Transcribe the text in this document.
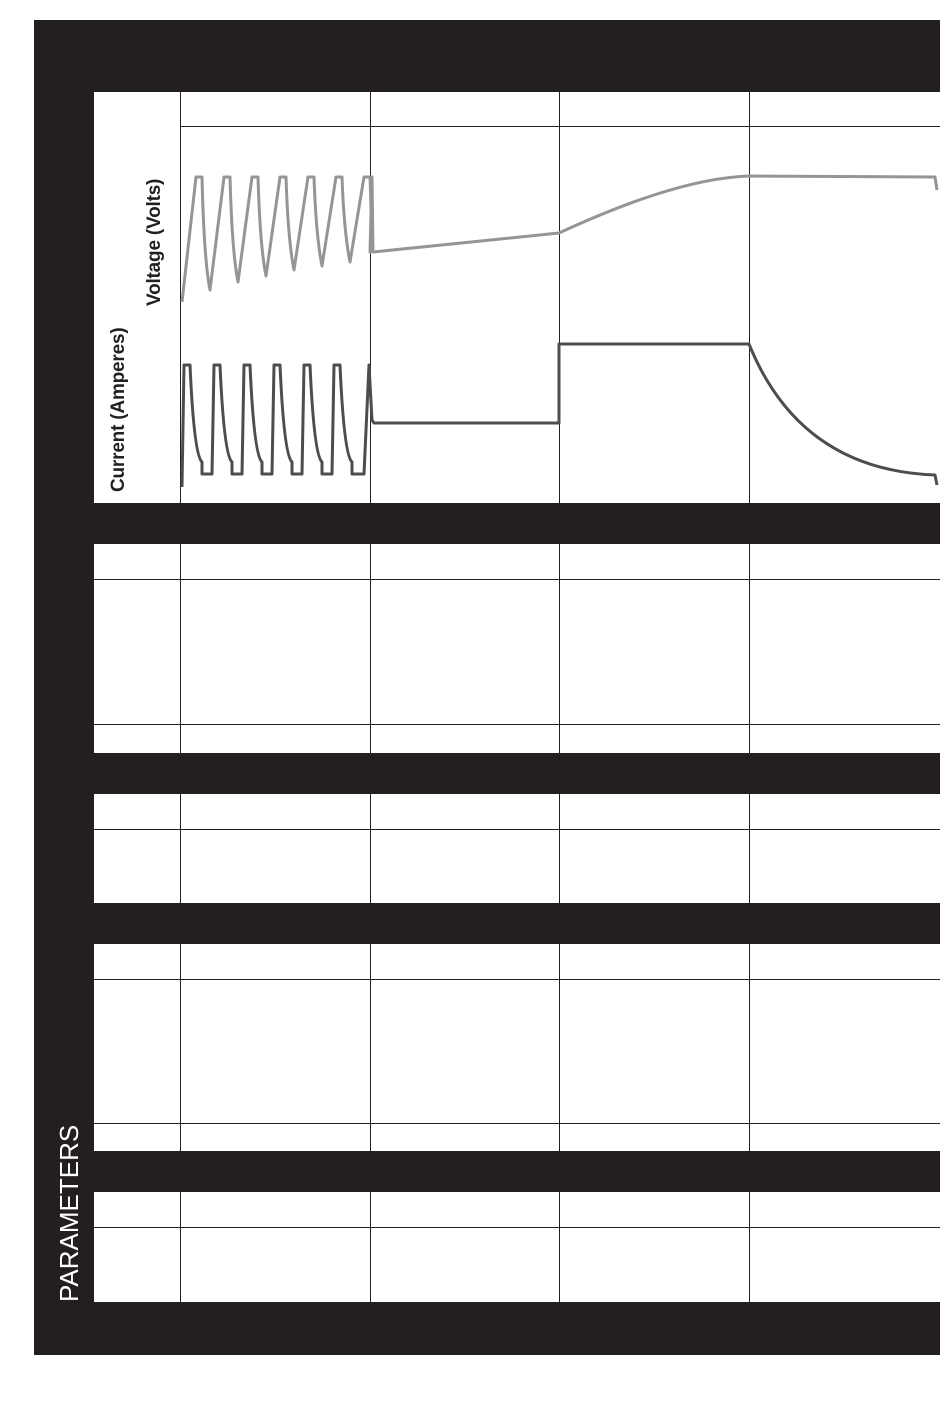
PARAMETERS
Current (Amperes)
Voltage (Volts)
